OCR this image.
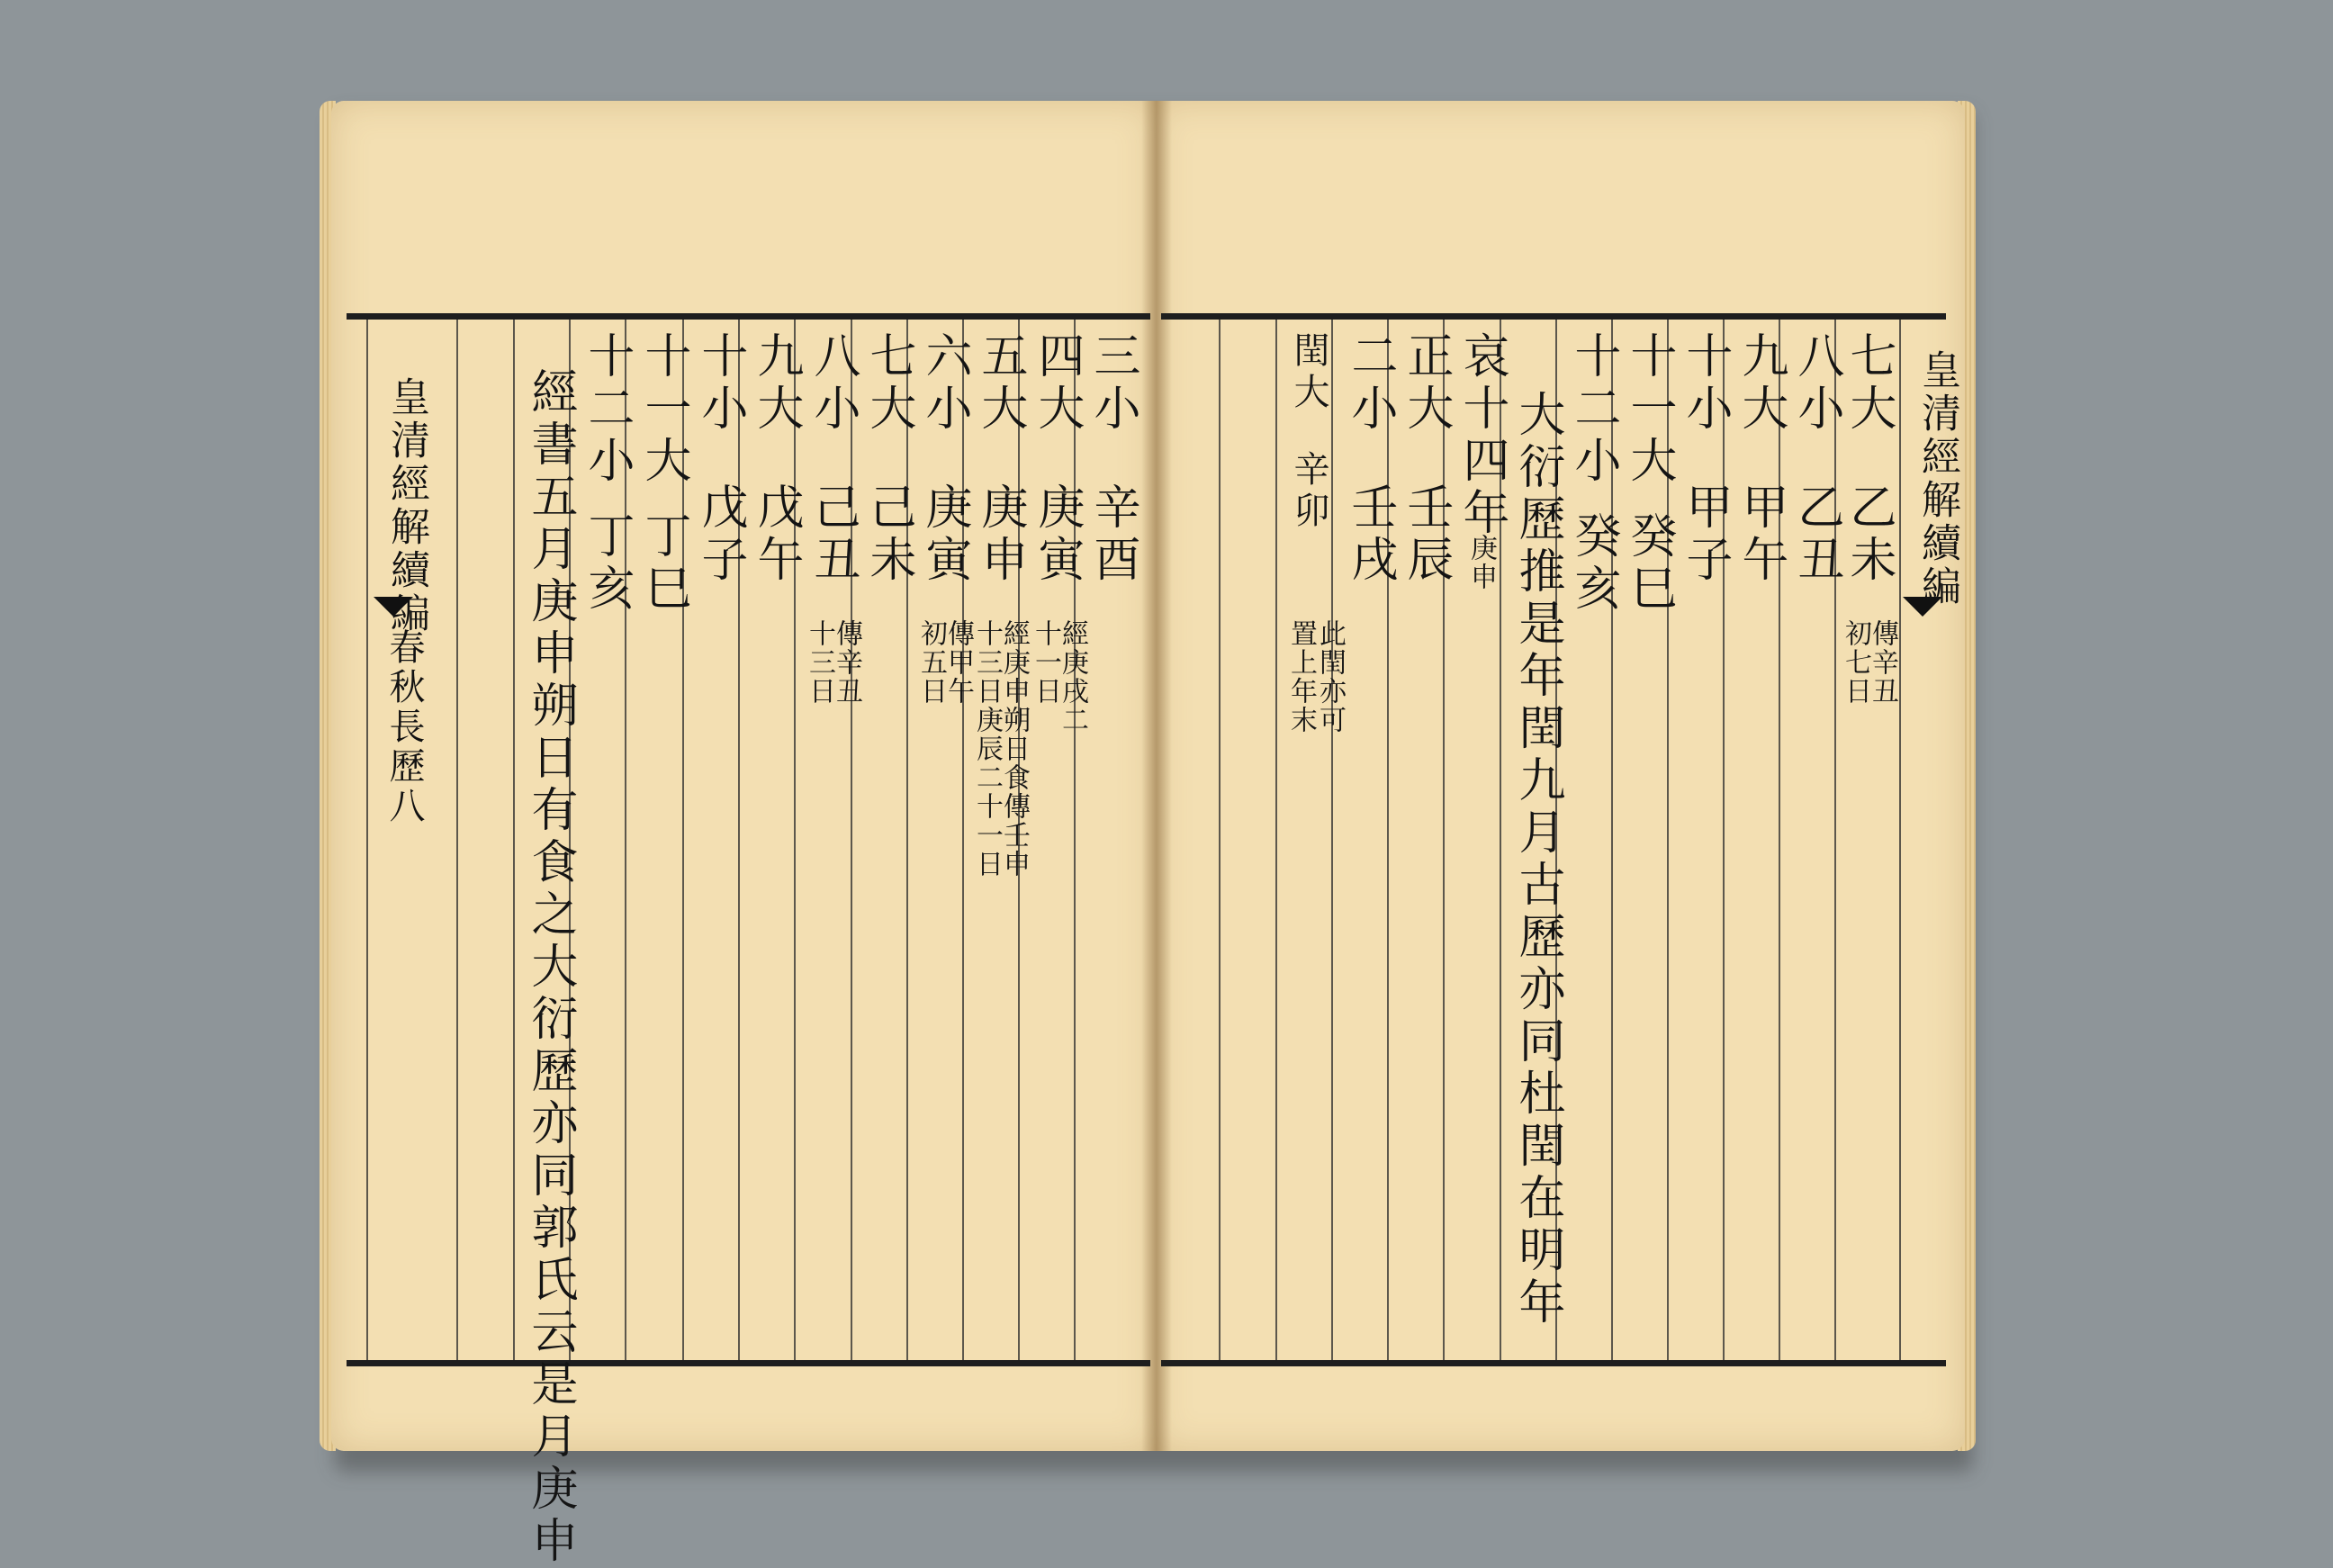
三小辛酉
四大庚寅
經庚戌二
十一日
五大庚申
經庚申朔日食傳壬申
十三日庚辰二十一日
六小庚寅
傳甲午
初五日
七大己未
八小己丑
傳辛丑
十三日
九大戊午
十小戊子
十一大丁巳
十二小丁亥
經書五月庚申朔日有食之大衍歷亦同郭氏云是月庚申
皇清經解續編
春秋長歷八
皇清經解續編
七大乙未
傳辛丑
初七日
八小乙丑
九大甲午
十小甲子
十一大癸巳
十二小癸亥
大衍歷推是年閏九月古歷亦同杜閏在明年
哀十四年
庚申
正大壬辰
二小壬戌
閏大辛卯
此閏亦可
置上年末
